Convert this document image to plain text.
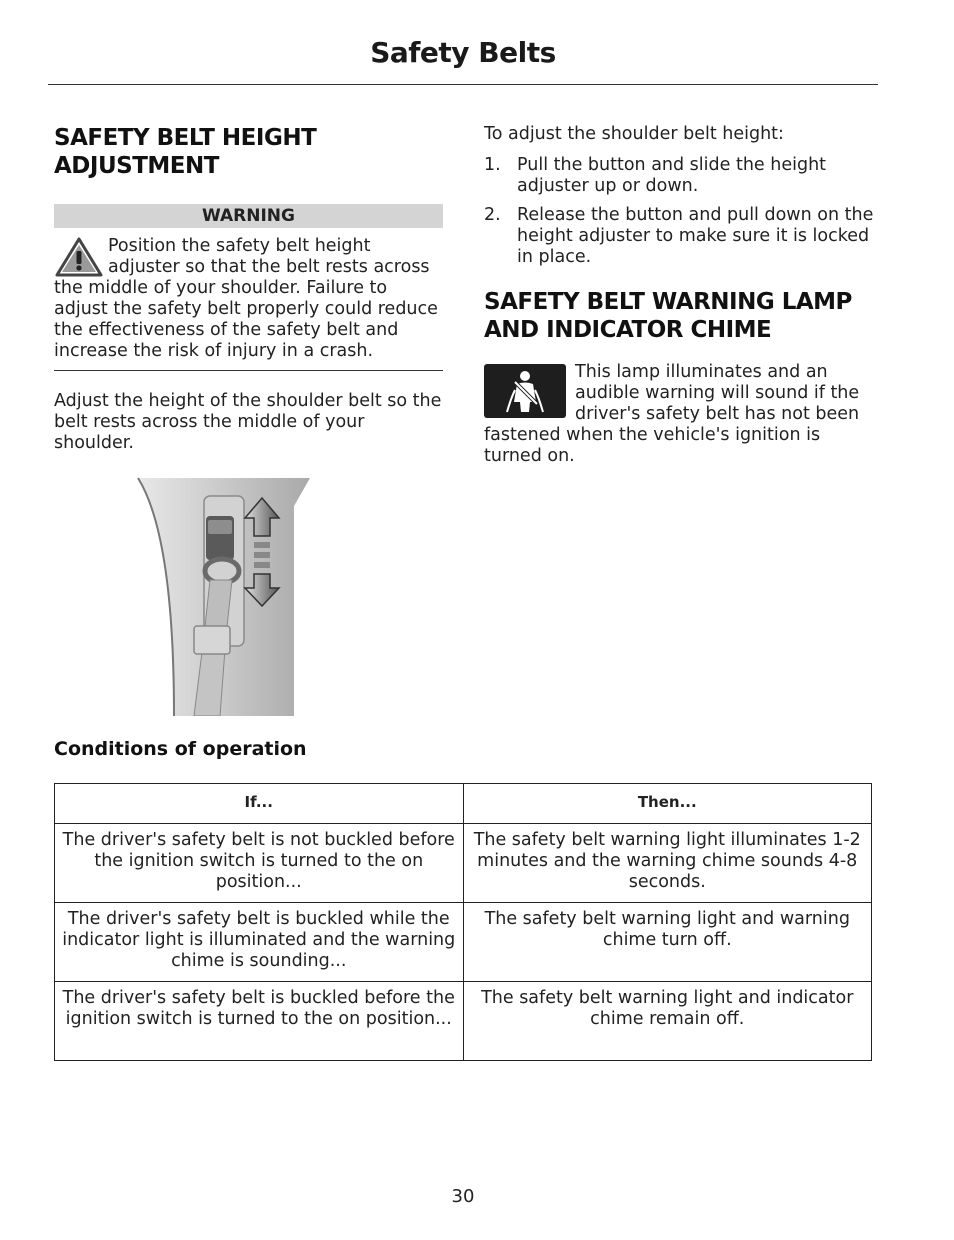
Safety Belts
SAFETY BELT HEIGHT ADJUSTMENT
WARNING
Position the safety belt height adjuster so that the belt rests across the middle of your shoulder. Failure to adjust the safety belt properly could reduce the effectiveness of the safety belt and increase the risk of injury in a crash.

Adjust the height of the shoulder belt so the belt rests across the middle of your shoulder.

To adjust the shoulder belt height:

1. Pull the button and slide the height adjuster up or down.
2. Release the button and pull down on the height adjuster to make sure it is locked in place.
SAFETY BELT WARNING LAMP AND INDICATOR CHIME
This lamp illuminates and an audible warning will sound if the driver's safety belt has not been fastened when the vehicle's ignition is turned on.
Conditions of operation
If...	Then...
The driver's safety belt is not buckled before the ignition switch is turned to the on position...	The safety belt warning light illuminates 1-2 minutes and the warning chime sounds 4-8 seconds.
The driver's safety belt is buckled while the indicator light is illuminated and the warning chime is sounding...	The safety belt warning light and warning chime turn off.
The driver's safety belt is buckled before the ignition switch is turned to the on position...	The safety belt warning light and indicator chime remain off.
30
